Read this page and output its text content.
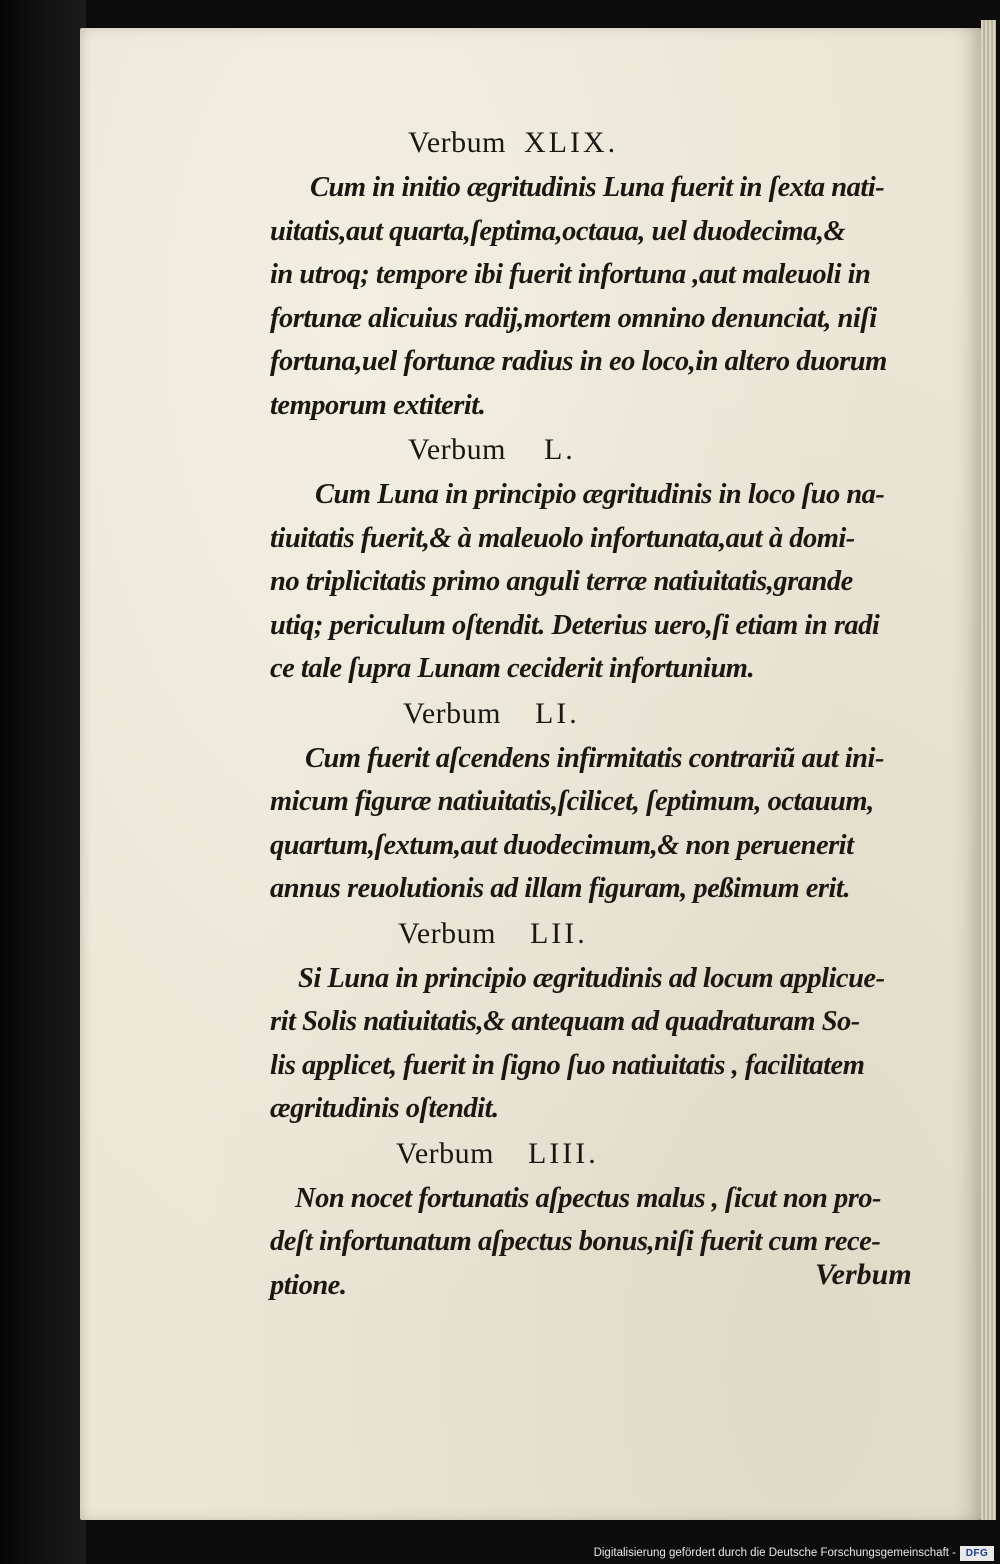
Verbum XLIX.
Cum in initio ægritudinis Luna fuerit in ſexta nati-
uitatis,aut quarta,ſeptima,octaua, uel duodecima,&
in utroq; tempore ibi fuerit infortuna ,aut maleuoli in
fortunæ alicuius radij,mortem omnino denunciat, niſi
fortuna,uel fortunæ radius in eo loco,in altero duorum
temporum extiterit.
Verbum L.
Cum Luna in principio ægritudinis in loco ſuo na-
tiuitatis fuerit,& à maleuolo infortunata,aut à domi-
no triplicitatis primo anguli terræ natiuitatis,grande
utiq; periculum oſtendit. Deterius uero,ſi etiam in radi
ce tale ſupra Lunam ceciderit infortunium.
Verbum LI.
Cum fuerit aſcendens infirmitatis contrariũ aut ini-
micum figuræ natiuitatis,ſcilicet, ſeptimum, octauum,
quartum,ſextum,aut duodecimum,& non peruenerit
annus reuolutionis ad illam figuram, peßimum erit.
Verbum LII.
Si Luna in principio ægritudinis ad locum applicue-
rit Solis natiuitatis,& antequam ad quadraturam So-
lis applicet, fuerit in ſigno ſuo natiuitatis , facilitatem
ægritudinis oſtendit.
Verbum LIII.
Non nocet fortunatis aſpectus malus , ſicut non pro-
deſt infortunatum aſpectus bonus,niſi fuerit cum rece-
ptione.	Verbum
Digitalisierung gefördert durch die Deutsche Forschungsgemeinschaft - DFG
